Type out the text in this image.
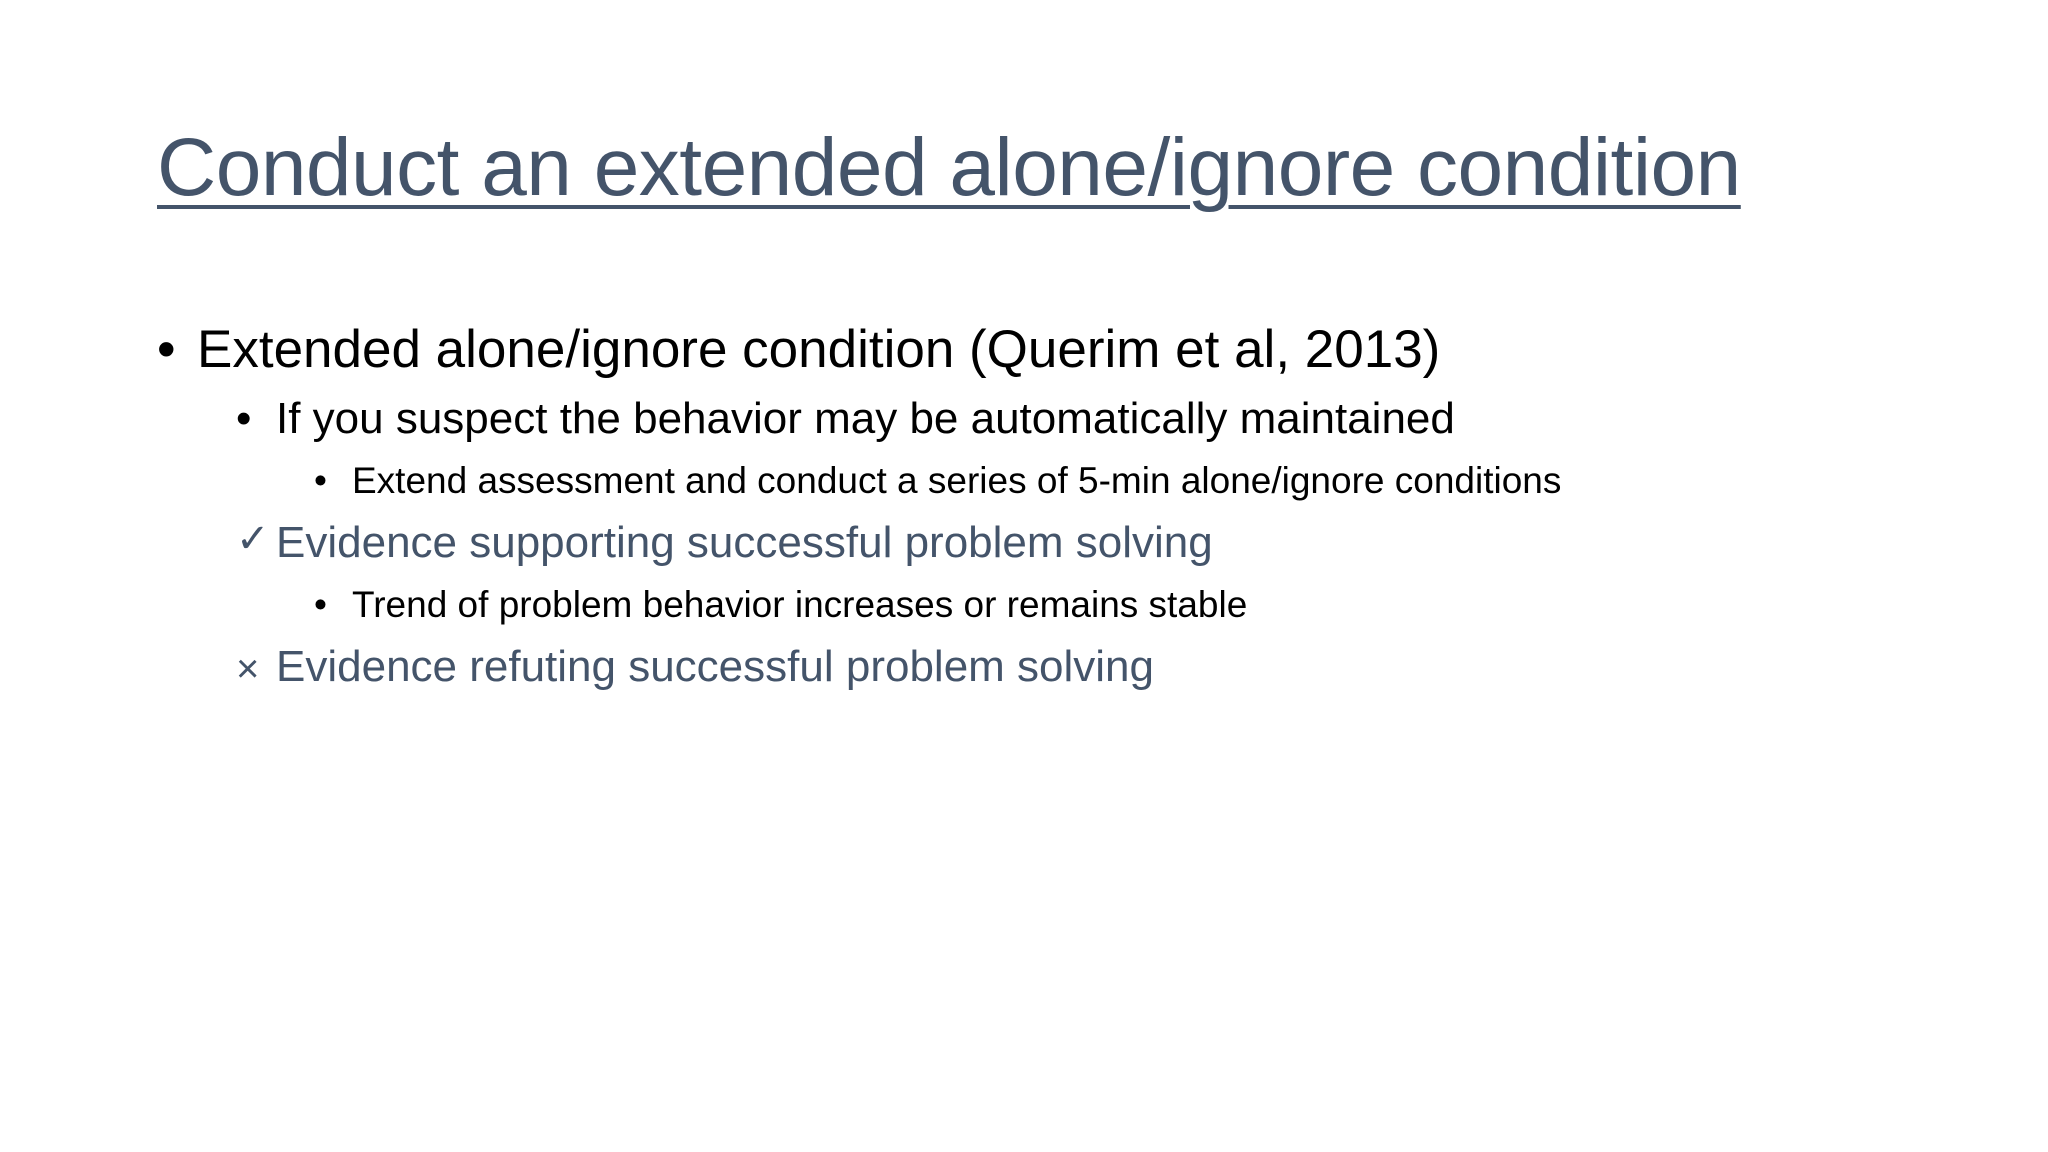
Conduct an extended alone/ignore condition
• Extended alone/ignore condition (Querim et al, 2013)
• If you suspect the behavior may be automatically maintained
• Extend assessment and conduct a series of 5-min alone/ignore conditions
✓ Evidence supporting successful problem solving
• Trend of problem behavior increases or remains stable
× Evidence refuting successful problem solving
